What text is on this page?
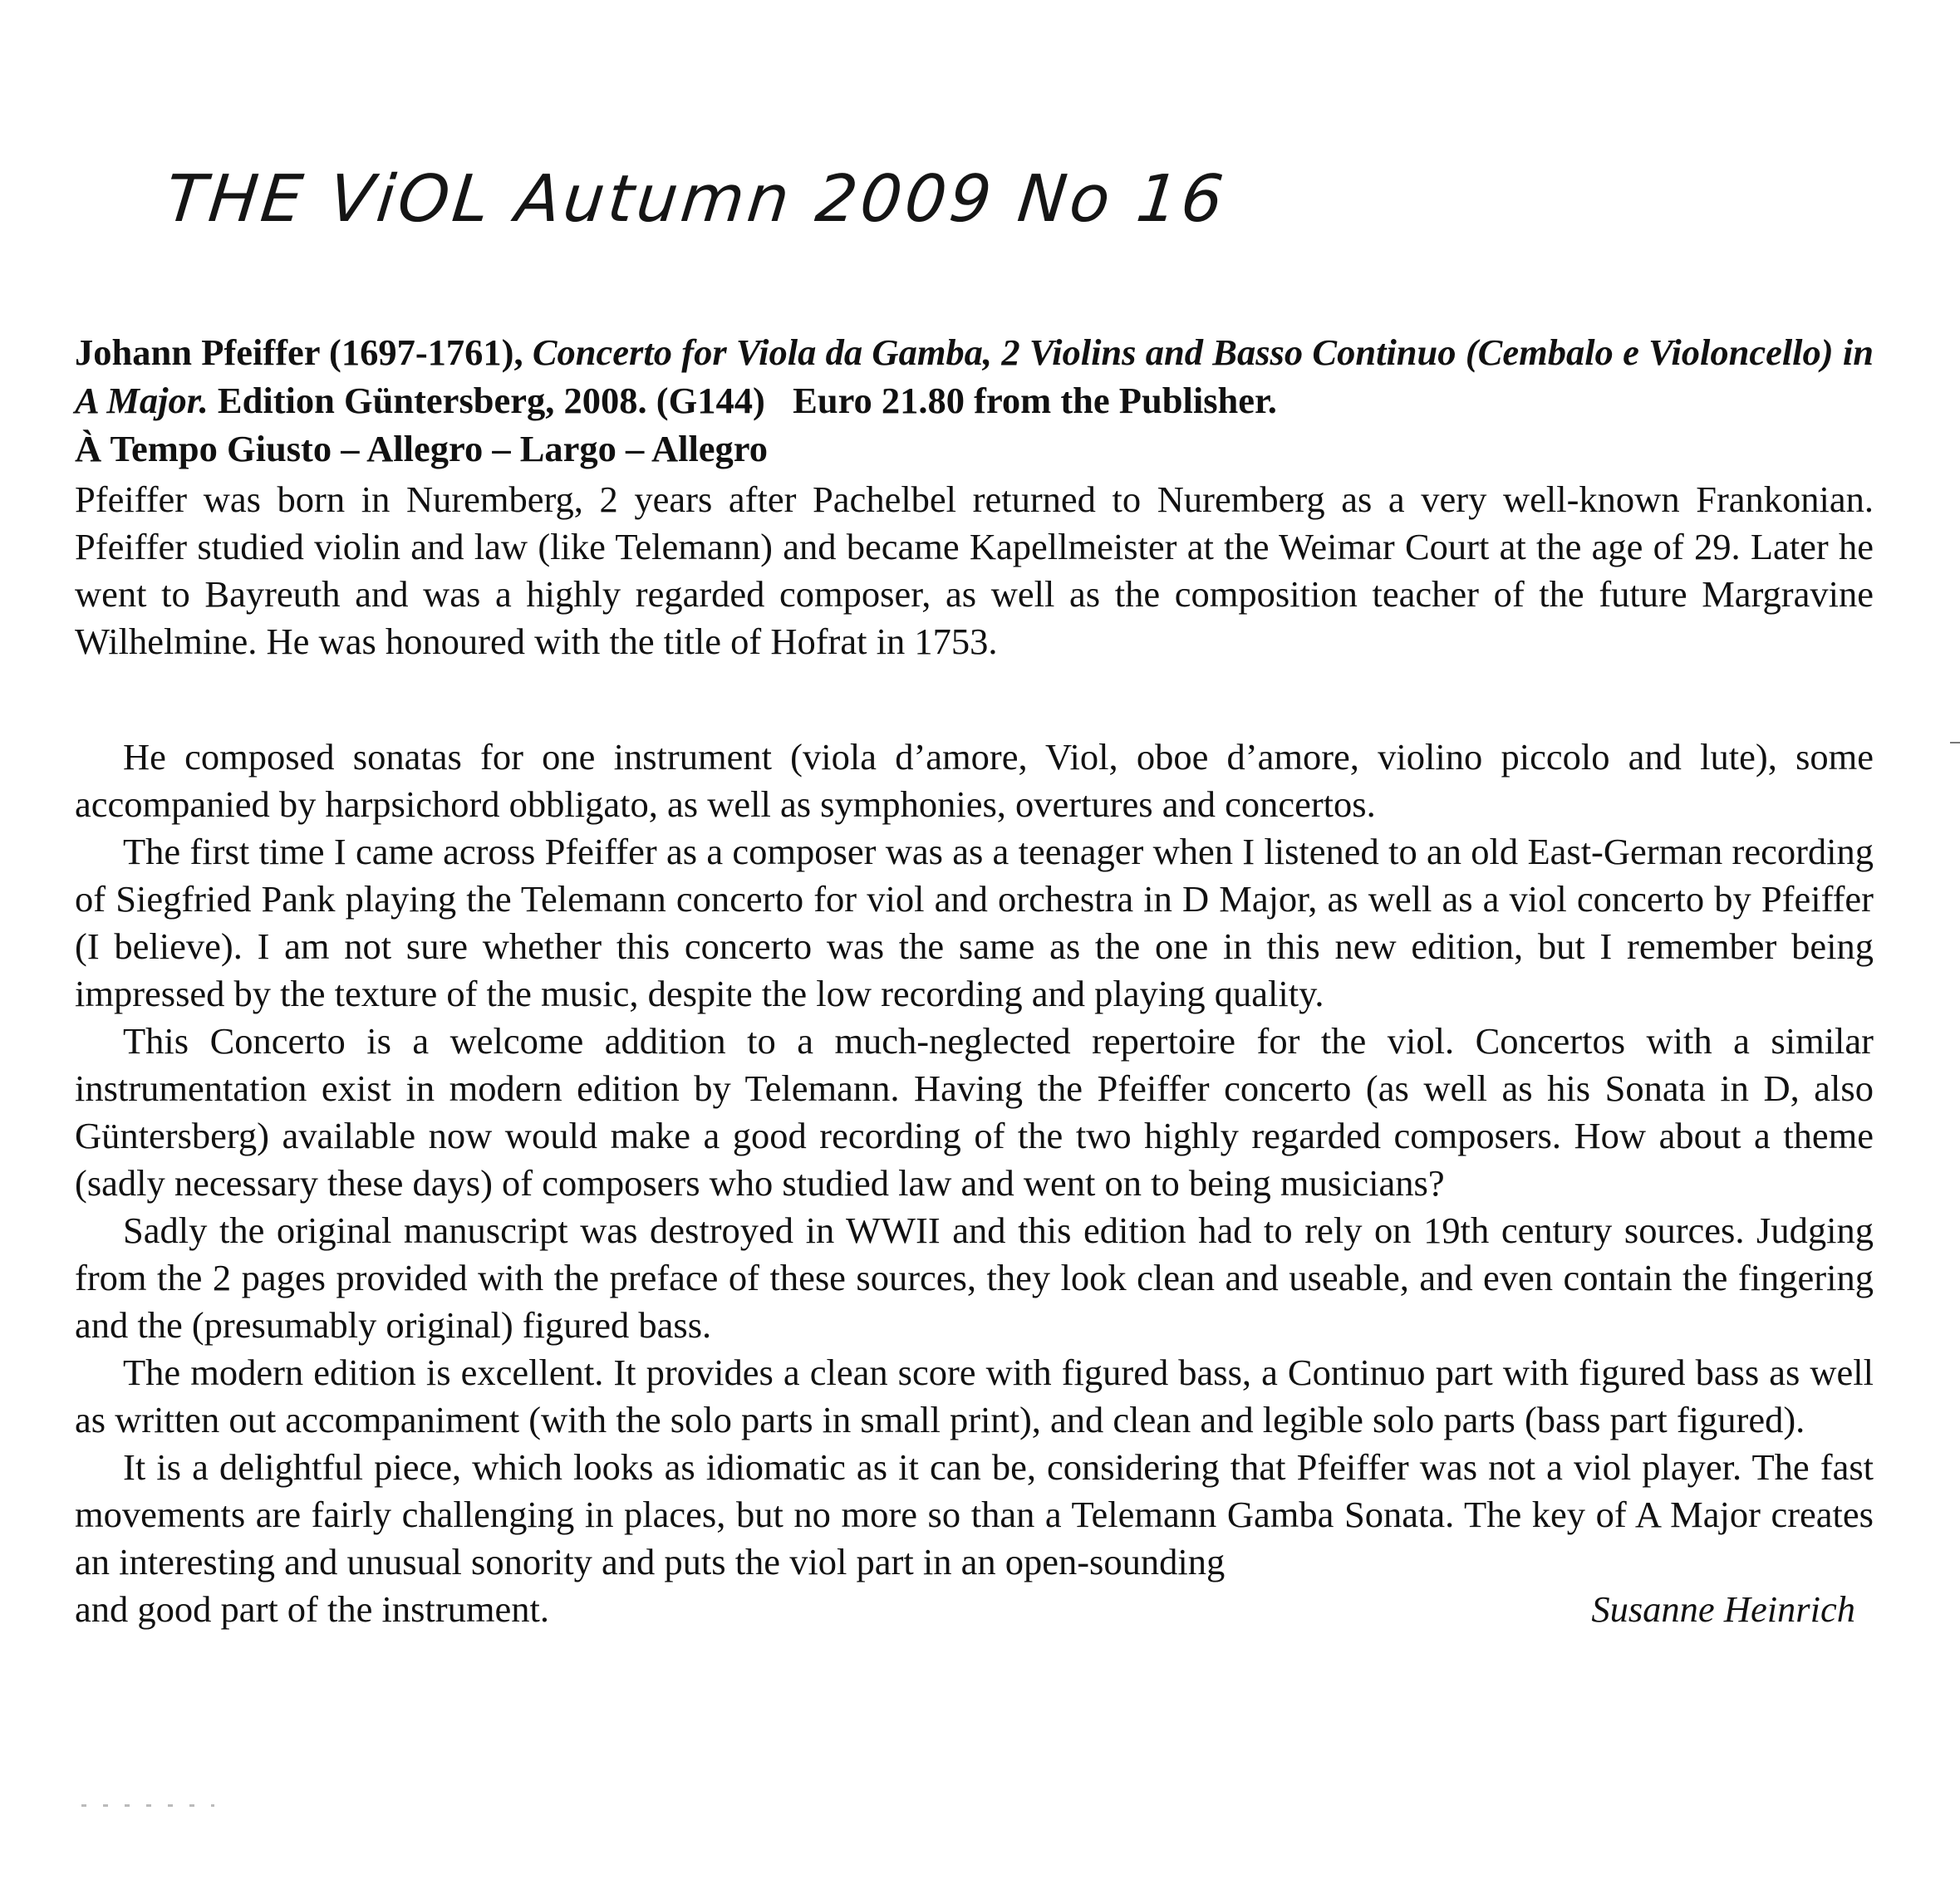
THE ViOL Autumn 2009 No 16

Johann Pfeiffer (1697-1761), Concerto for Viola da Gamba, 2 Violins and Basso Continuo (Cembalo e Violoncello) in A Major. Edition Güntersberg, 2008. (G144) Euro 21.80 from the Publisher.
À Tempo Giusto – Allegro – Largo – Allegro

Pfeiffer was born in Nuremberg, 2 years after Pachelbel returned to Nuremberg as a very well-known Frankonian. Pfeiffer studied violin and law (like Telemann) and became Kapellmeister at the Weimar Court at the age of 29. Later he went to Bayreuth and was a highly regarded composer, as well as the composition teacher of the future Margravine Wilhelmine. He was honoured with the title of Hofrat in 1753.

He composed sonatas for one instrument (viola d’amore, Viol, oboe d’amore, violino piccolo and lute), some accompanied by harpsichord obbligato, as well as symphonies, overtures and concertos.

The first time I came across Pfeiffer as a composer was as a teenager when I listened to an old East-German recording of Siegfried Pank playing the Telemann concerto for viol and orchestra in D Major, as well as a viol concerto by Pfeiffer (I believe). I am not sure whether this concerto was the same as the one in this new edition, but I remember being impressed by the texture of the music, despite the low recording and playing quality.

This Concerto is a welcome addition to a much-neglected repertoire for the viol. Concertos with a similar instrumentation exist in modern edition by Telemann. Having the Pfeiffer concerto (as well as his Sonata in D, also Güntersberg) available now would make a good recording of the two highly regarded composers. How about a theme (sadly necessary these days) of composers who studied law and went on to being musicians?

Sadly the original manuscript was destroyed in WWII and this edition had to rely on 19th century sources. Judging from the 2 pages provided with the preface of these sources, they look clean and useable, and even contain the fingering and the (presumably original) figured bass.

The modern edition is excellent. It provides a clean score with figured bass, a Continuo part with figured bass as well as written out accompaniment (with the solo parts in small print), and clean and legible solo parts (bass part figured).

It is a delightful piece, which looks as idiomatic as it can be, considering that Pfeiffer was not a viol player. The fast movements are fairly challenging in places, but no more so than a Telemann Gamba Sonata. The key of A Major creates an interesting and unusual sonority and puts the viol part in an open-sounding

and good part of the instrument.	Susanne Heinrich
